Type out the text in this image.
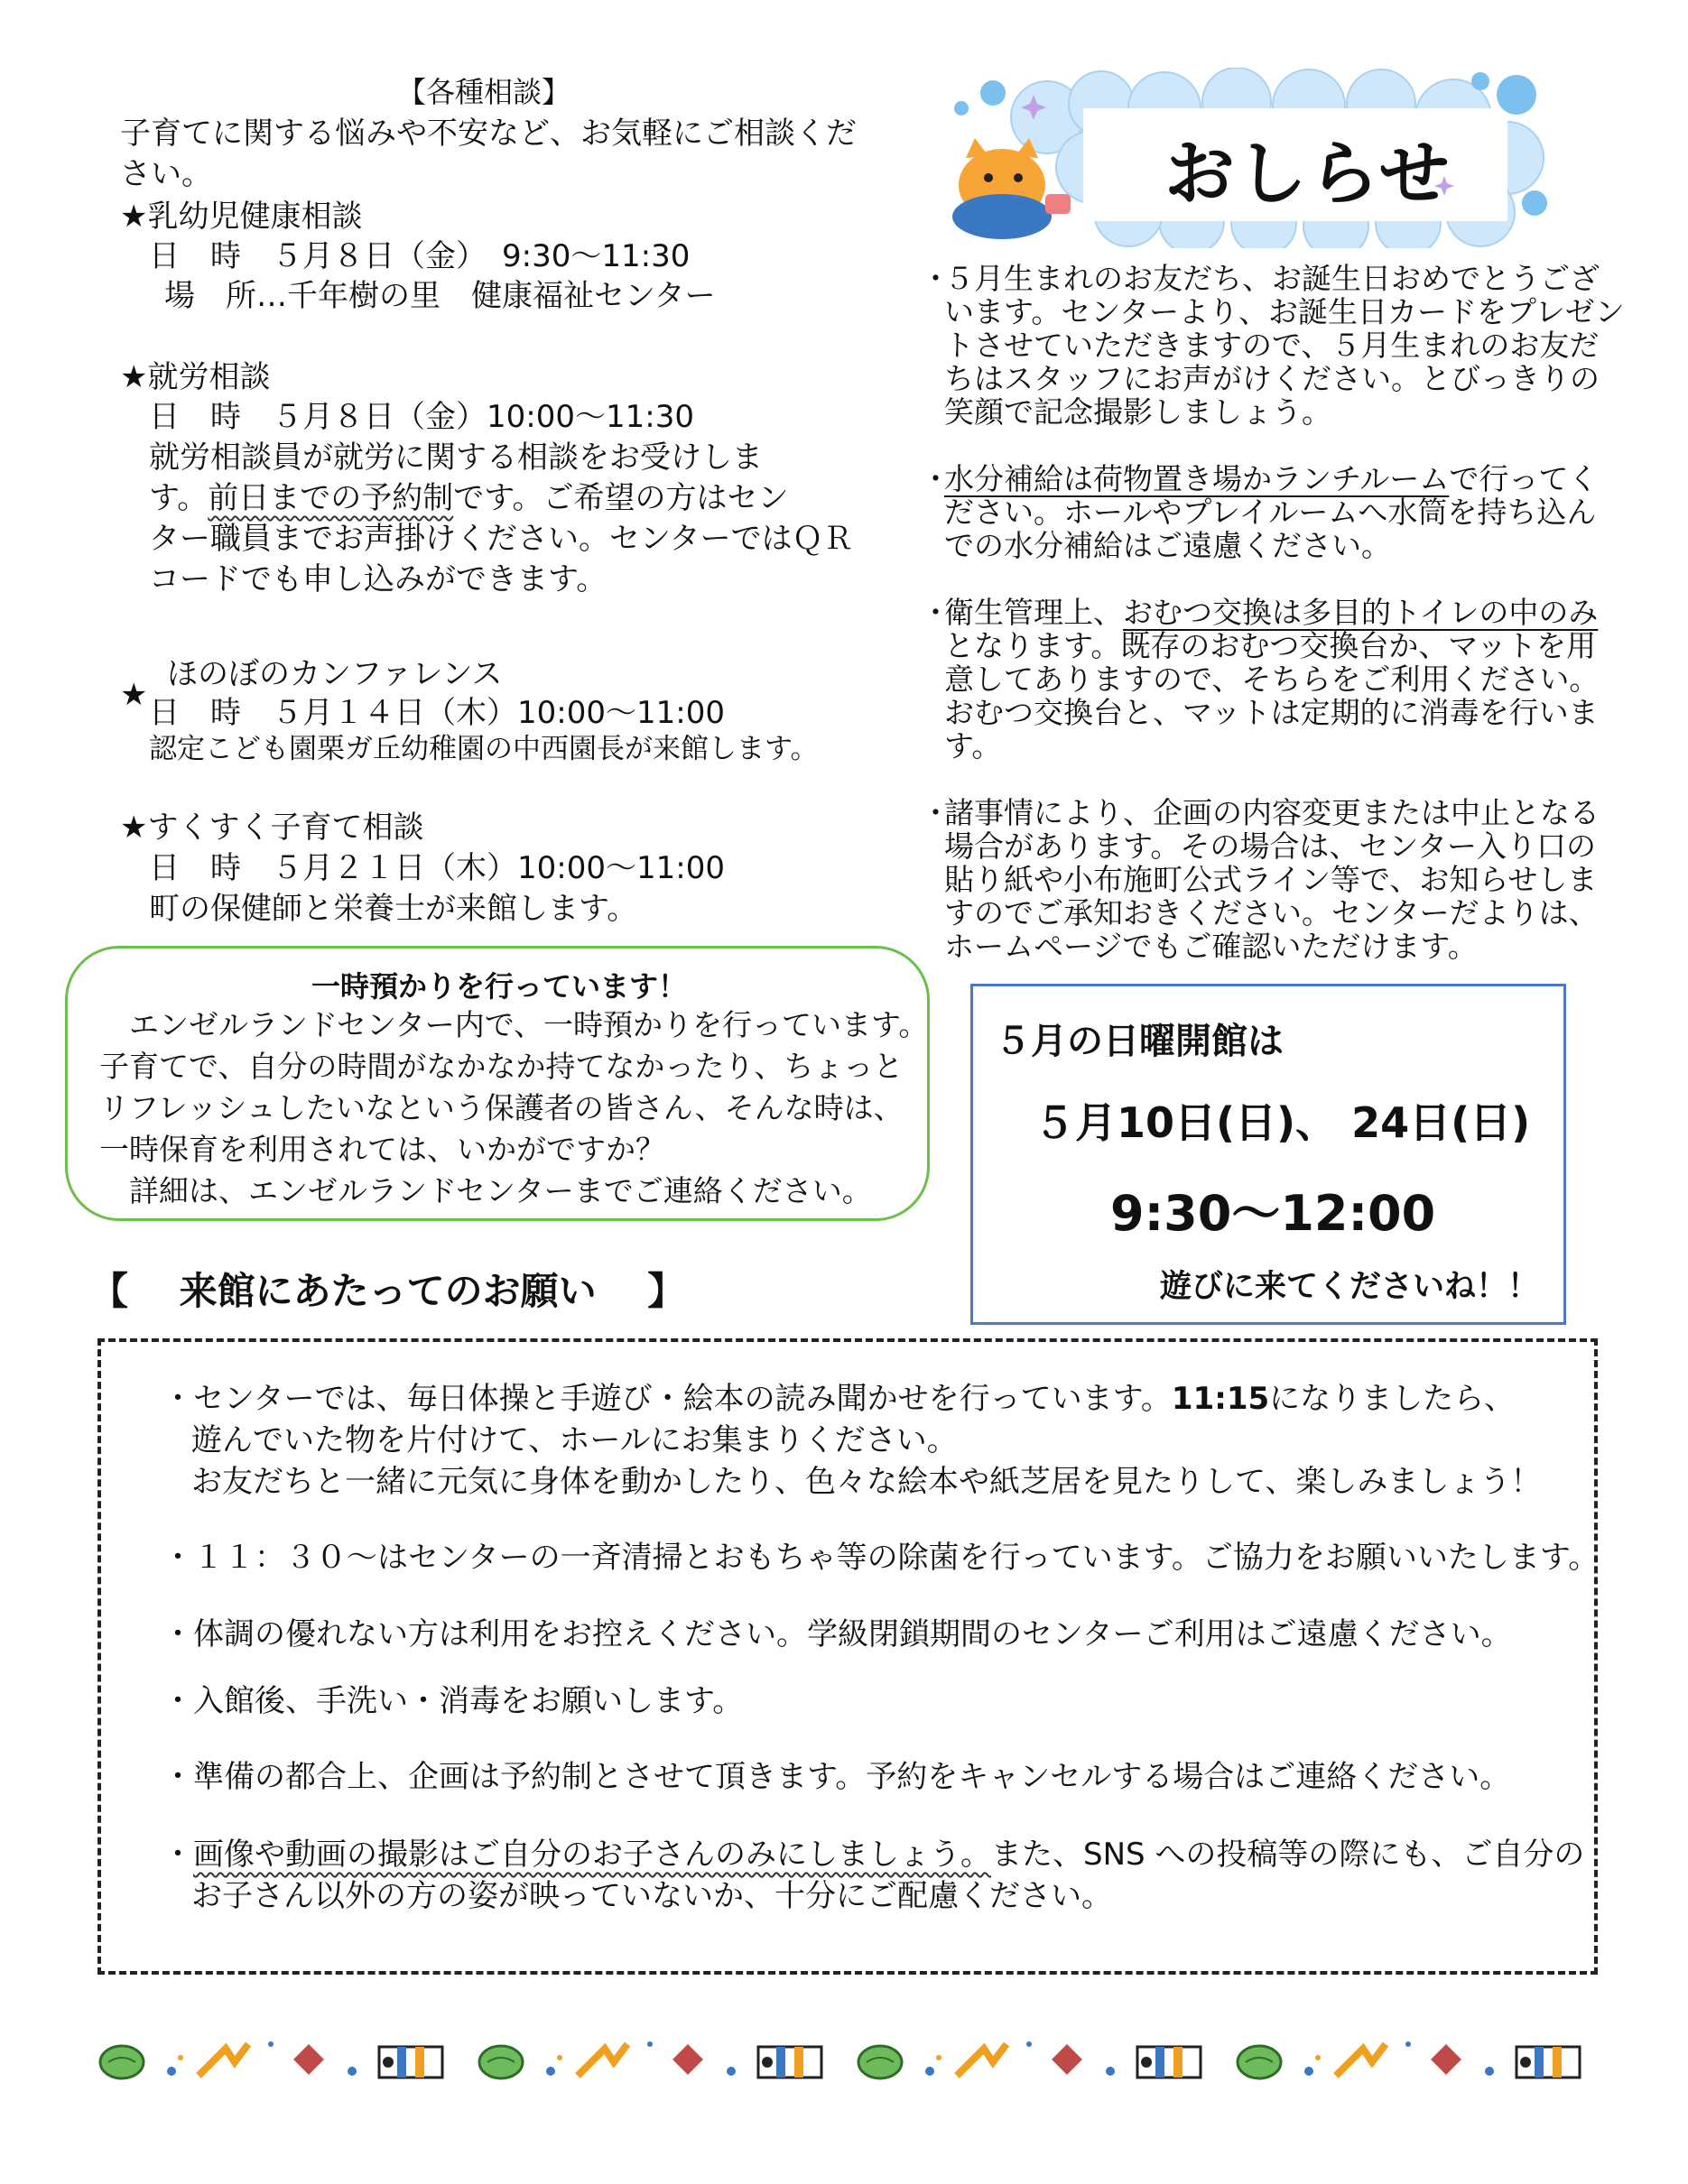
【各種相談】
子育てに関する悩みや不安など、お気軽にご相談ください。
★乳幼児健康相談
日　時　５月８日（金）　9:30～11:30
場　所…千年樹の里　健康福祉センター
★就労相談
日　時　５月８日（金）10:00～11:30
就労相談員が就労に関する相談をお受けしま
す。前日までの予約制です。ご希望の方はセン
ター職員までお声掛けください。センターではＱＲ
コードでも申し込みができます。
★
ほのぼのカンファレンス
日　時　５月１４日（木）10:00～11:00
認定こども園栗ガ丘幼稚園の中西園長が来館します。
★すくすく子育て相談
日　時　５月２１日（木）10:00～11:00
町の保健師と栄養士が来館します。
一時預かりを行っています！
　エンゼルランドセンター内で、一時預かりを行っています。
子育てで、自分の時間がなかなか持てなかったり、ちょっと
リフレッシュしたいなという保護者の皆さん、そんな時は、
一時保育を利用されては、いかがですか？
　詳細は、エンゼルランドセンターまでご連絡ください。
おしらせ
・
５月生まれのお友だち、お誕生日おめでとうございます。センターより、お誕生日カードをプレゼントさせていただきますので、５月生まれのお友だちはスタッフにお声がけください。とびっきりの笑顔で記念撮影しましょう。
・
水分補給は荷物置き場かランチルームで行ってください。ホールやプレイルームへ水筒を持ち込んでの水分補給はご遠慮ください。
・
衛生管理上、おむつ交換は多目的トイレの中のみとなります。既存のおむつ交換台か、マットを用意してありますので、そちらをご利用ください。おむつ交換台と、マットは定期的に消毒を行います。
・
諸事情により、企画の内容変更または中止となる場合があります。その場合は、センター入り口の貼り紙や小布施町公式ライン等で、お知らせしますのでご承知おきください。センターだよりは、ホームページでもご確認いただけます。
５月の日曜開館は
５月10日(日)、 24日(日)
9:30～12:00
遊びに来てくださいね！！
【　 来館にあたってのお願い　 】
・センターでは、毎日体操と手遊び・絵本の読み聞かせを行っています。11:15になりましたら、
遊んでいた物を片付けて、ホールにお集まりください。
お友だちと一緒に元気に身体を動かしたり、色々な絵本や紙芝居を見たりして、楽しみましょう！
・１１：３０～はセンターの一斉清掃とおもちゃ等の除菌を行っています。ご協力をお願いいたします。
・体調の優れない方は利用をお控えください。学級閉鎖期間のセンターご利用はご遠慮ください。
・入館後、手洗い・消毒をお願いします。
・準備の都合上、企画は予約制とさせて頂きます。予約をキャンセルする場合はご連絡ください。
・画像や動画の撮影はご自分のお子さんのみにしましょう。また、SNS への投稿等の際にも、ご自分の
お子さん以外の方の姿が映っていないか、十分にご配慮ください。
